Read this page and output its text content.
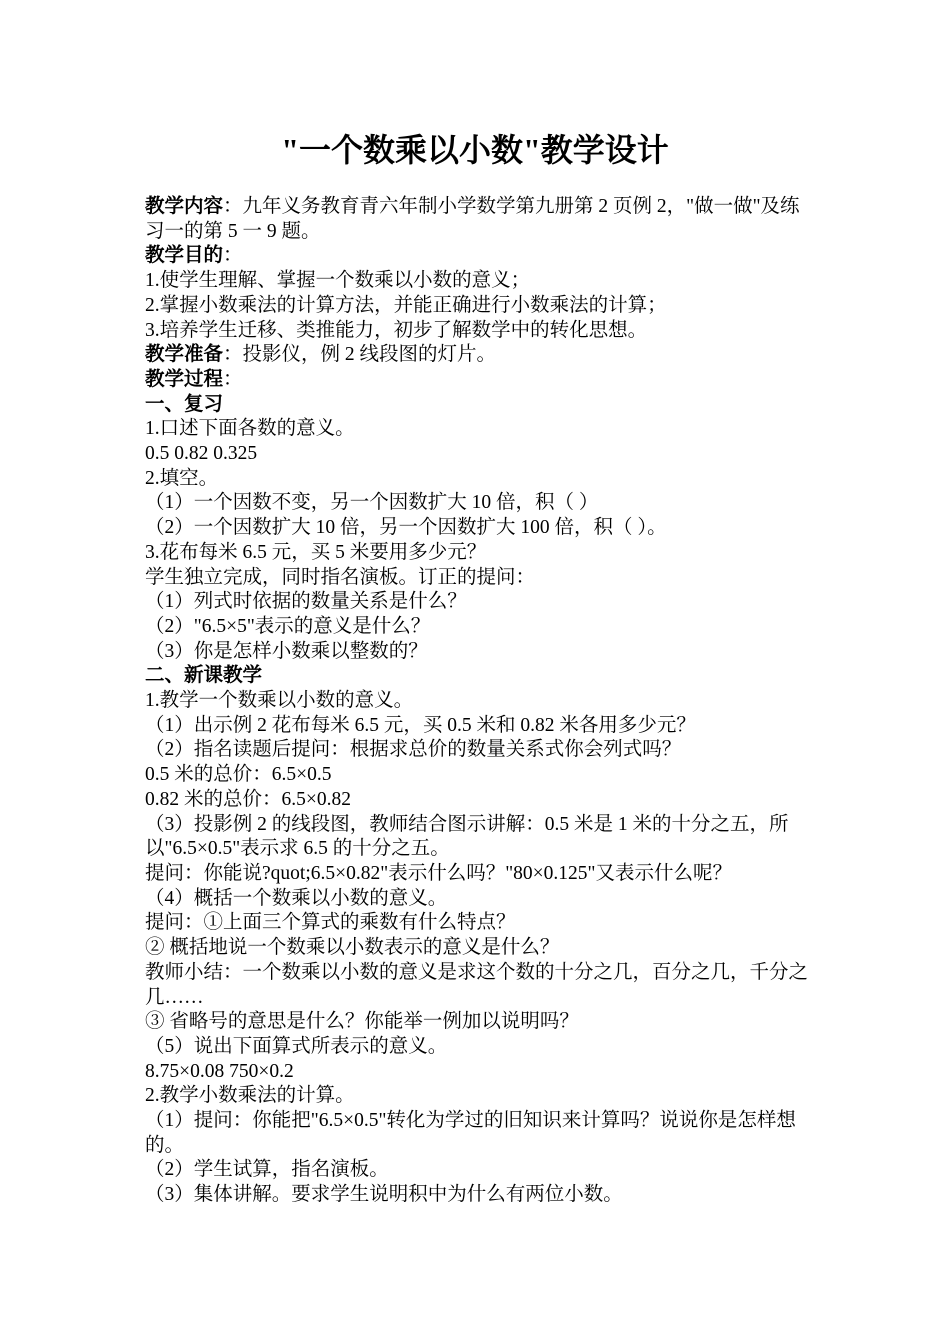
"一个数乘以小数"教学设计

教学内容：九年义务教育青六年制小学数学第九册第 2 页例 2，"做一做"及练习一的第 5 一 9 题。

教学目的：

1.使学生理解、掌握一个数乘以小数的意义；

2.掌握小数乘法的计算方法，并能正确进行小数乘法的计算；

3.培养学生迁移、类推能力，初步了解数学中的转化思想。

教学准备：投影仪，例 2 线段图的灯片。

教学过程：

一、复习

1.口述下面各数的意义。

0.5 0.82 0.325

2.填空。

（1）一个因数不变，另一个因数扩大 10 倍，积（ ）

（2）一个因数扩大 10 倍，另一个因数扩大 100 倍，积（ ）。

3.花布每米 6.5 元，买 5 米要用多少元？

学生独立完成，同时指名演板。订正的提问：

（1）列式时依据的数量关系是什么？

（2）"6.5×5"表示的意义是什么？

（3）你是怎样小数乘以整数的？

二、新课教学

1.教学一个数乘以小数的意义。

（1）出示例 2 花布每米 6.5 元，买 0.5 米和 0.82 米各用多少元？

（2）指名读题后提问：根据求总价的数量关系式你会列式吗？

0.5 米的总价：6.5×0.5

0.82 米的总价：6.5×0.82

（3）投影例 2 的线段图，教师结合图示讲解：0.5 米是 1 米的十分之五，所以"6.5×0.5"表示求 6.5 的十分之五。

提问：你能说?quot;6.5×0.82"表示什么吗？"80×0.125"又表示什么呢？

（4）概括一个数乘以小数的意义。

提问：①上面三个算式的乘数有什么特点？

② 概括地说一个数乘以小数表示的意义是什么？

教师小结：一个数乘以小数的意义是求这个数的十分之几，百分之几，千分之几……

③ 省略号的意思是什么？你能举一例加以说明吗？

（5）说出下面算式所表示的意义。

8.75×0.08 750×0.2

2.教学小数乘法的计算。

（1）提问：你能把"6.5×0.5"转化为学过的旧知识来计算吗？说说你是怎样想的。

（2）学生试算，指名演板。

（3）集体讲解。要求学生说明积中为什么有两位小数。
